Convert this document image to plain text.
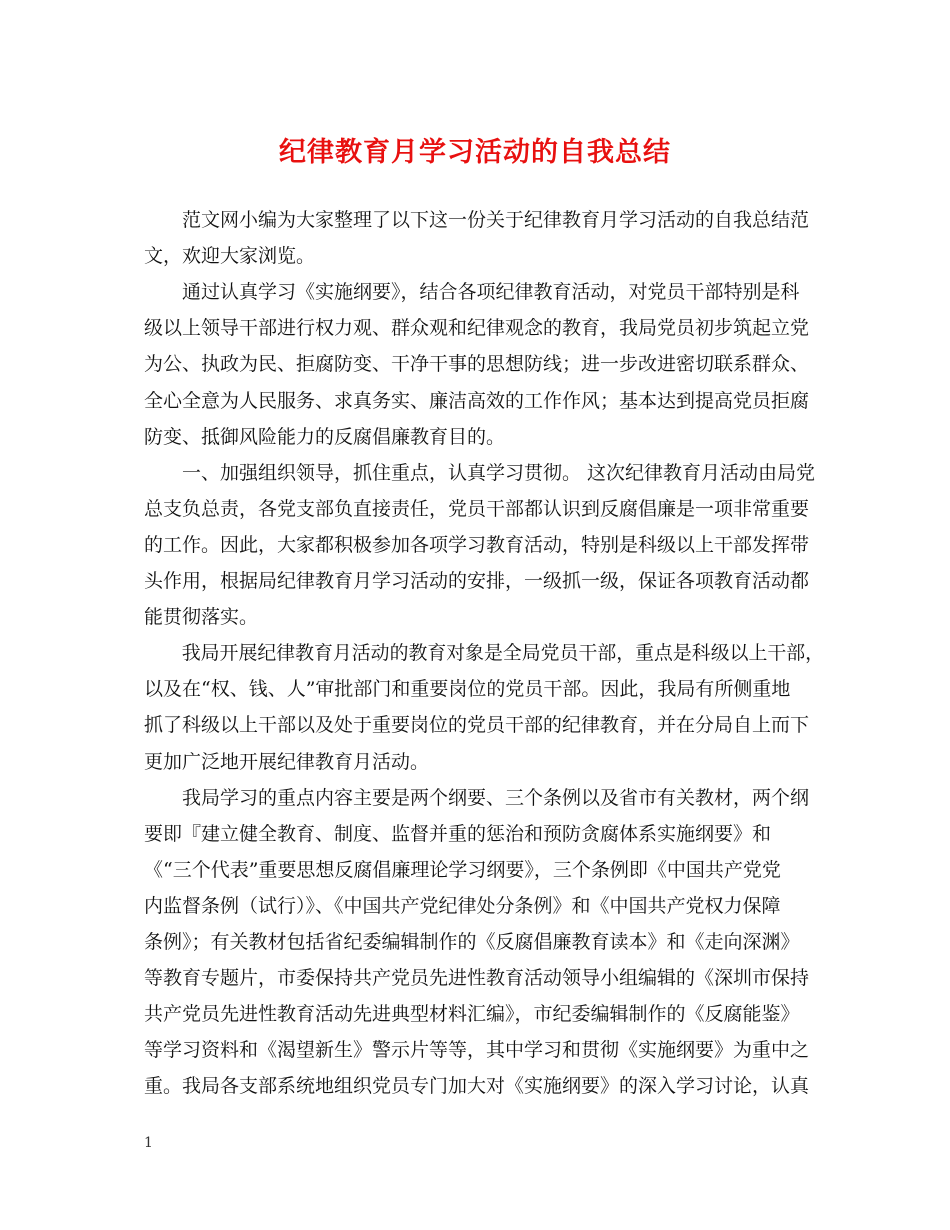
纪律教育月学习活动的自我总结
　　范文网小编为大家整理了以下这一份关于纪律教育月学习活动的自我总结范
文，欢迎大家浏览。
　　通过认真学习《实施纲要》，结合各项纪律教育活动，对党员干部特别是科
级以上领导干部进行权力观、群众观和纪律观念的教育，我局党员初步筑起立党
为公、执政为民、拒腐防变、干净干事的思想防线；进一步改进密切联系群众、
全心全意为人民服务、求真务实、廉洁高效的工作作风；基本达到提高党员拒腐
防变、抵御风险能力的反腐倡廉教育目的。
　　一、加强组织领导，抓住重点，认真学习贯彻。 这次纪律教育月活动由局党
总支负总责，各党支部负直接责任，党员干部都认识到反腐倡廉是一项非常重要
的工作。因此，大家都积极参加各项学习教育活动，特别是科级以上干部发挥带
头作用，根据局纪律教育月学习活动的安排，一级抓一级，保证各项教育活动都
能贯彻落实。
　　我局开展纪律教育月活动的教育对象是全局党员干部，重点是科级以上干部，
以及在“权、钱、人”审批部门和重要岗位的党员干部。因此，我局有所侧重地
抓了科级以上干部以及处于重要岗位的党员干部的纪律教育，并在分局自上而下
更加广泛地开展纪律教育月活动。
　　我局学习的重点内容主要是两个纲要、三个条例以及省市有关教材，两个纲
要即『建立健全教育、制度、监督并重的惩治和预防贪腐体系实施纲要》和
《“三个代表”重要思想反腐倡廉理论学习纲要》，三个条例即《中国共产党党
内监督条例（试行）》、《中国共产党纪律处分条例》和《中国共产党权力保障
条例》；有关教材包括省纪委编辑制作的《反腐倡廉教育读本》和《走向深渊》
等教育专题片，市委保持共产党员先进性教育活动领导小组编辑的《深圳市保持
共产党员先进性教育活动先进典型材料汇编》，市纪委编辑制作的《反腐能鉴》
等学习资料和《渴望新生》警示片等等，其中学习和贯彻《实施纲要》为重中之
重。我局各支部系统地组织党员专门加大对《实施纲要》的深入学习讨论，认真
1
